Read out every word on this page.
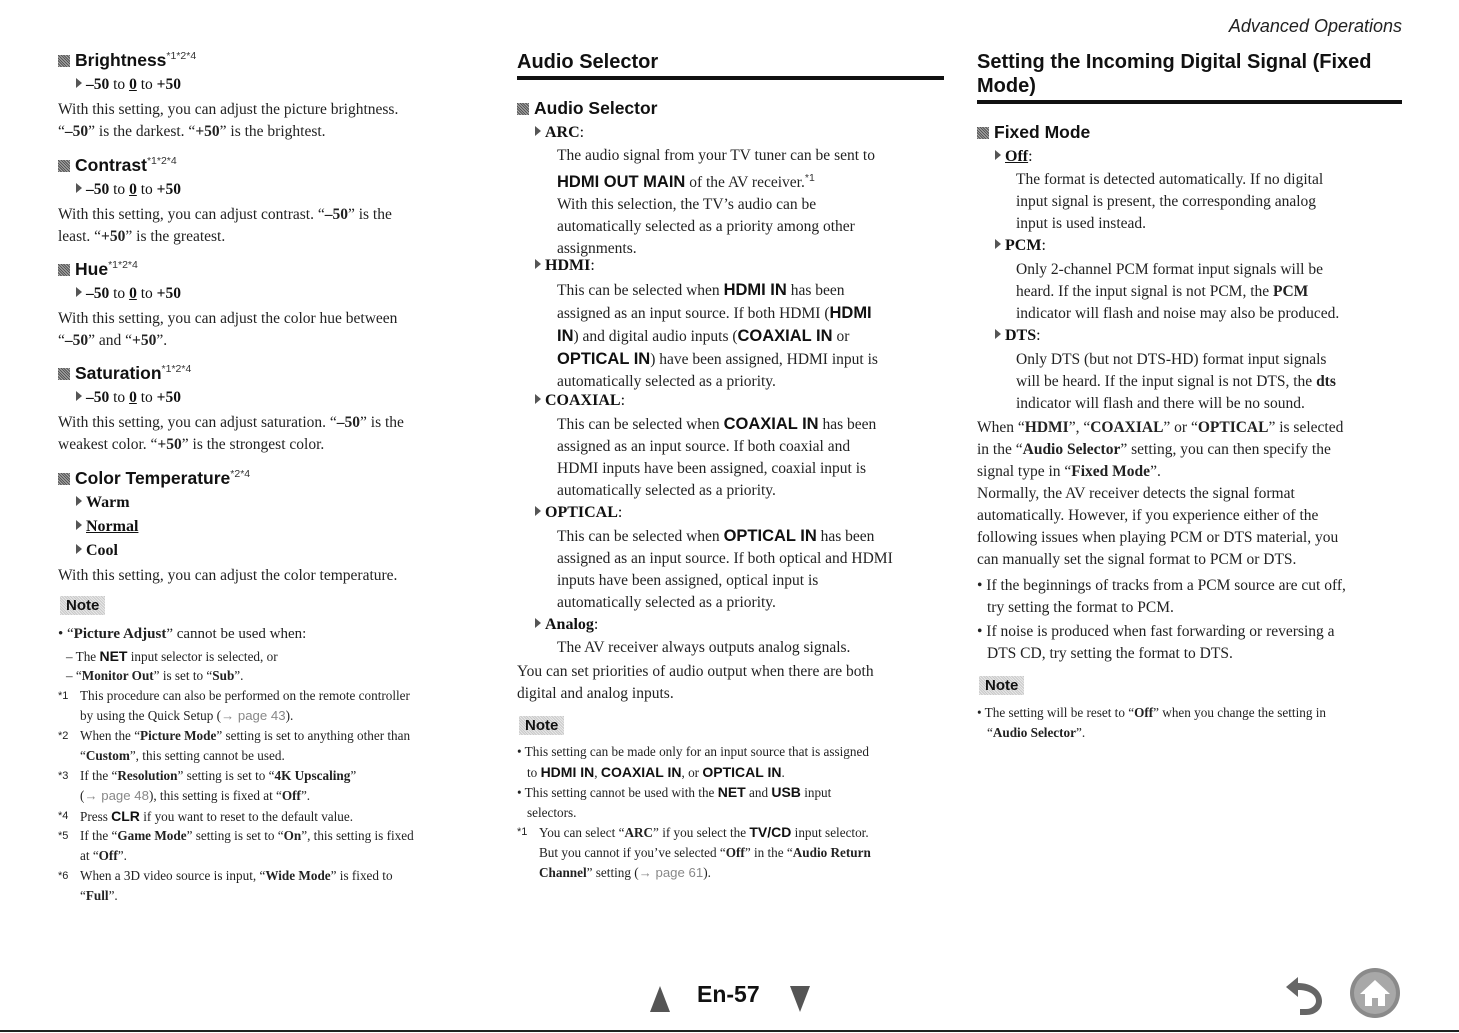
Advanced Operations
Brightness$^{*1*2*4}$
–50 to 0 to +50
With this setting, you can adjust the picture brightness.
“–50” is the darkest. “+50” is the brightest.
Contrast$^{*1*2*4}$
–50 to 0 to +50
With this setting, you can adjust contrast. “–50” is the
least. “+50” is the greatest.
Hue$^{*1*2*4}$
–50 to 0 to +50
With this setting, you can adjust the color hue between
“–50” and “+50”.
Saturation$^{*1*2*4}$
–50 to 0 to +50
With this setting, you can adjust saturation. “–50” is the
weakest color. “+50” is the strongest color.
Color Temperature$^{*2*4}$
Warm
Normal
Cool
With this setting, you can adjust the color temperature.
Note
• “Picture Adjust” cannot be used when:
– The NET input selector is selected, or
– “Monitor Out” is set to “Sub”.
*1 This procedure can also be performed on the remote controller
by using the Quick Setup (→ page 43).
*2 When the “Picture Mode” setting is set to anything other than
“Custom”, this setting cannot be used.
*3 If the “Resolution” setting is set to “4K Upscaling”
(→ page 48), this setting is fixed at “Off”.
*4 Press CLR if you want to reset to the default value.
*5 If the “Game Mode” setting is set to “On”, this setting is fixed
at “Off”.
*6 When a 3D video source is input, “Wide Mode” is fixed to
“Full”.
Audio Selector
Audio Selector
ARC:
The audio signal from your TV tuner can be sent to
HDMI OUT MAIN of the AV receiver.$^{*1}$
With this selection, the TV’s audio can be
automatically selected as a priority among other
assignments.
HDMI:
This can be selected when HDMI IN has been
assigned as an input source. If both HDMI (HDMI
IN) and digital audio inputs (COAXIAL IN or
OPTICAL IN) have been assigned, HDMI input is
automatically selected as a priority.
COAXIAL:
This can be selected when COAXIAL IN has been
assigned as an input source. If both coaxial and
HDMI inputs have been assigned, coaxial input is
automatically selected as a priority.
OPTICAL:
This can be selected when OPTICAL IN has been
assigned as an input source. If both optical and HDMI
inputs have been assigned, optical input is
automatically selected as a priority.
Analog:
The AV receiver always outputs analog signals.
You can set priorities of audio output when there are both
digital and analog inputs.
Note
• This setting can be made only for an input source that is assigned
to HDMI IN, COAXIAL IN, or OPTICAL IN.
• This setting cannot be used with the NET and USB input
selectors.
*1 You can select “ARC” if you select the TV/CD input selector.
But you cannot if you’ve selected “Off” in the “Audio Return
Channel” setting (→ page 61).
Setting the Incoming Digital Signal (Fixed
Mode)
Fixed Mode
Off:
The format is detected automatically. If no digital
input signal is present, the corresponding analog
input is used instead.
PCM:
Only 2-channel PCM format input signals will be
heard. If the input signal is not PCM, the PCM
indicator will flash and noise may also be produced.
DTS:
Only DTS (but not DTS-HD) format input signals
will be heard. If the input signal is not DTS, the dts
indicator will flash and there will be no sound.
When “HDMI”, “COAXIAL” or “OPTICAL” is selected
in the “Audio Selector” setting, you can then specify the
signal type in “Fixed Mode”.
Normally, the AV receiver detects the signal format
automatically. However, if you experience either of the
following issues when playing PCM or DTS material, you
can manually set the signal format to PCM or DTS.
• If the beginnings of tracks from a PCM source are cut off,
try setting the format to PCM.
• If noise is produced when fast forwarding or reversing a
DTS CD, try setting the format to DTS.
Note
• The setting will be reset to “Off” when you change the setting in
“Audio Selector”.
En-57
